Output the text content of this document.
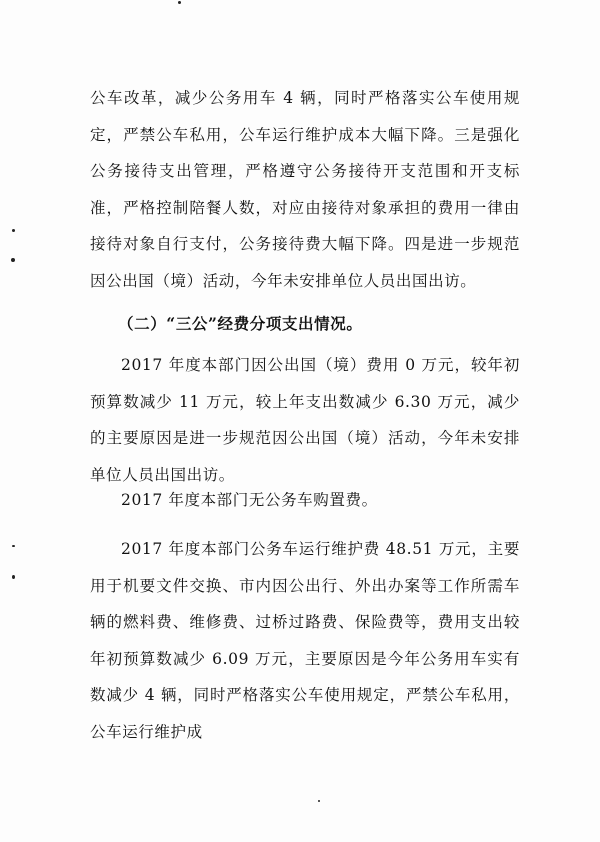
公车改革，减少公务用车 4 辆，同时严格落实公车使用规定，严禁公车私用，公车运行维护成本大幅下降。三是强化公务接待支出管理，严格遵守公务接待开支范围和开支标准，严格控制陪餐人数，对应由接待对象承担的费用一律由接待对象自行支付，公务接待费大幅下降。四是进一步规范因公出国（境）活动，今年未安排单位人员出国出访。

（二）“三公”经费分项支出情况。

2017 年度本部门因公出国（境）费用 0 万元，较年初预算数减少 11 万元，较上年支出数减少 6.30 万元，减少的主要原因是进一步规范因公出国（境）活动，今年未安排单位人员出国出访。

2017 年度本部门无公务车购置费。

2017 年度本部门公务车运行维护费 48.51 万元，主要用于机要文件交换、市内因公出行、外出办案等工作所需车辆的燃料费、维修费、过桥过路费、保险费等，费用支出较年初预算数减少 6.09 万元，主要原因是今年公务用车实有数减少 4 辆，同时严格落实公车使用规定，严禁公车私用，公车运行维护成
